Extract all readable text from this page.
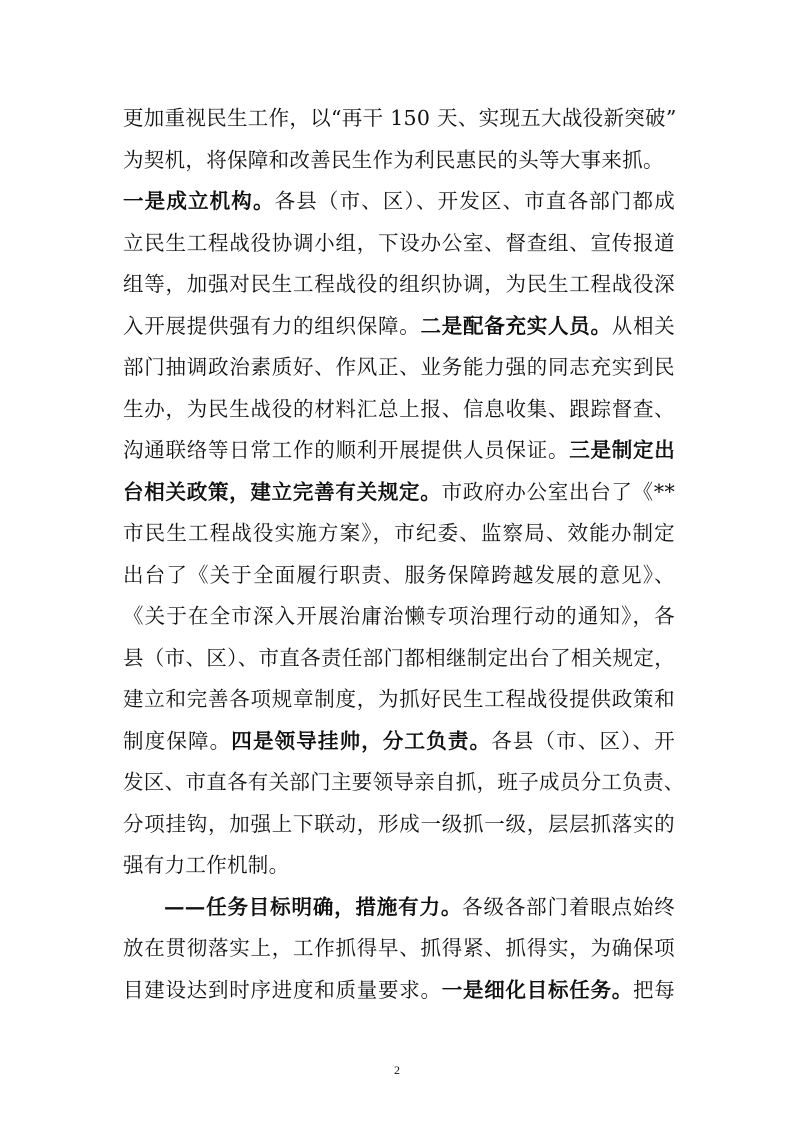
更加重视民生工作，以“再干 150 天、实现五大战役新突破”
为契机，将保障和改善民生作为利民惠民的头等大事来抓。
一是成立机构。各县（市、区）、开发区、市直各部门都成
立民生工程战役协调小组，下设办公室、督查组、宣传报道
组等，加强对民生工程战役的组织协调，为民生工程战役深
入开展提供强有力的组织保障。二是配备充实人员。从相关
部门抽调政治素质好、作风正、业务能力强的同志充实到民
生办，为民生战役的材料汇总上报、信息收集、跟踪督查、
沟通联络等日常工作的顺利开展提供人员保证。三是制定出
台相关政策，建立完善有关规定。市政府办公室出台了《**
市民生工程战役实施方案》，市纪委、监察局、效能办制定
出台了《关于全面履行职责、服务保障跨越发展的意见》、
《关于在全市深入开展治庸治懒专项治理行动的通知》，各
县（市、区）、市直各责任部门都相继制定出台了相关规定，
建立和完善各项规章制度，为抓好民生工程战役提供政策和
制度保障。四是领导挂帅，分工负责。各县（市、区）、开
发区、市直各有关部门主要领导亲自抓，班子成员分工负责、
分项挂钩，加强上下联动，形成一级抓一级，层层抓落实的
强有力工作机制。
——任务目标明确，措施有力。各级各部门着眼点始终
放在贯彻落实上，工作抓得早、抓得紧、抓得实，为确保项
目建设达到时序进度和质量要求。一是细化目标任务。把每
2
